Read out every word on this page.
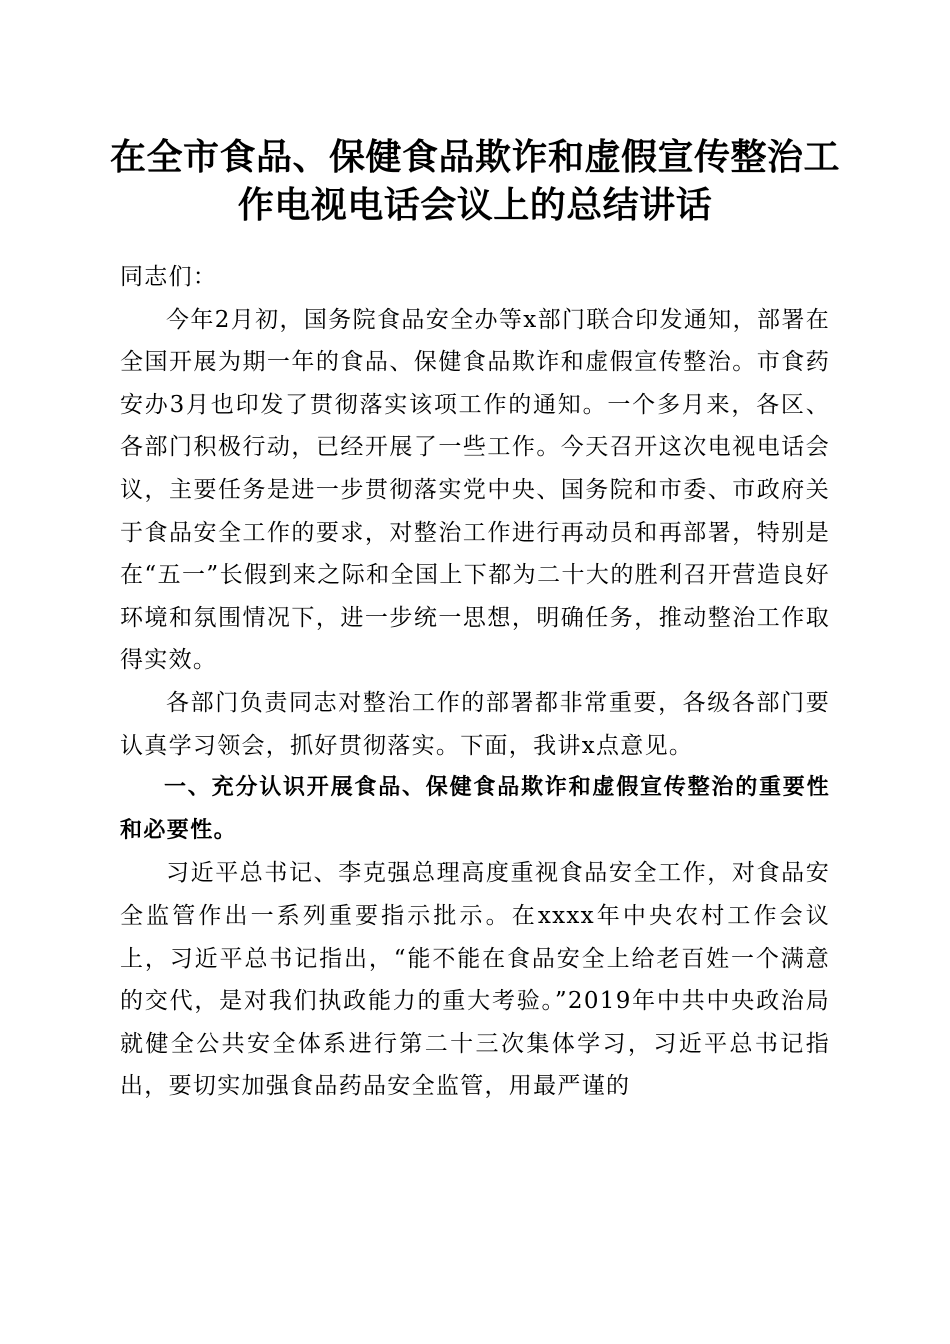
在全市食品、保健食品欺诈和虚假宣传整治工
作电视电话会议上的总结讲话

同志们：

今年2月初，国务院食品安全办等x部门联合印发通知，部署在全国开展为期一年的食品、保健食品欺诈和虚假宣传整治。市食药安办3月也印发了贯彻落实该项工作的通知。一个多月来，各区、各部门积极行动，已经开展了一些工作。今天召开这次电视电话会议，主要任务是进一步贯彻落实党中央、国务院和市委、市政府关于食品安全工作的要求，对整治工作进行再动员和再部署，特别是在“五一”长假到来之际和全国上下都为二十大的胜利召开营造良好环境和氛围情况下，进一步统一思想，明确任务，推动整治工作取得实效。

各部门负责同志对整治工作的部署都非常重要，各级各部门要认真学习领会，抓好贯彻落实。下面，我讲x点意见。

一、充分认识开展食品、保健食品欺诈和虚假宣传整治的重要性和必要性。

习近平总书记、李克强总理高度重视食品安全工作，对食品安全监管作出一系列重要指示批示。在xxxx年中央农村工作会议上，习近平总书记指出，“能不能在食品安全上给老百姓一个满意的交代，是对我们执政能力的重大考验。”2019年中共中央政治局就健全公共安全体系进行第二十三次集体学习，习近平总书记指出，要切实加强食品药品安全监管，用最严谨的
